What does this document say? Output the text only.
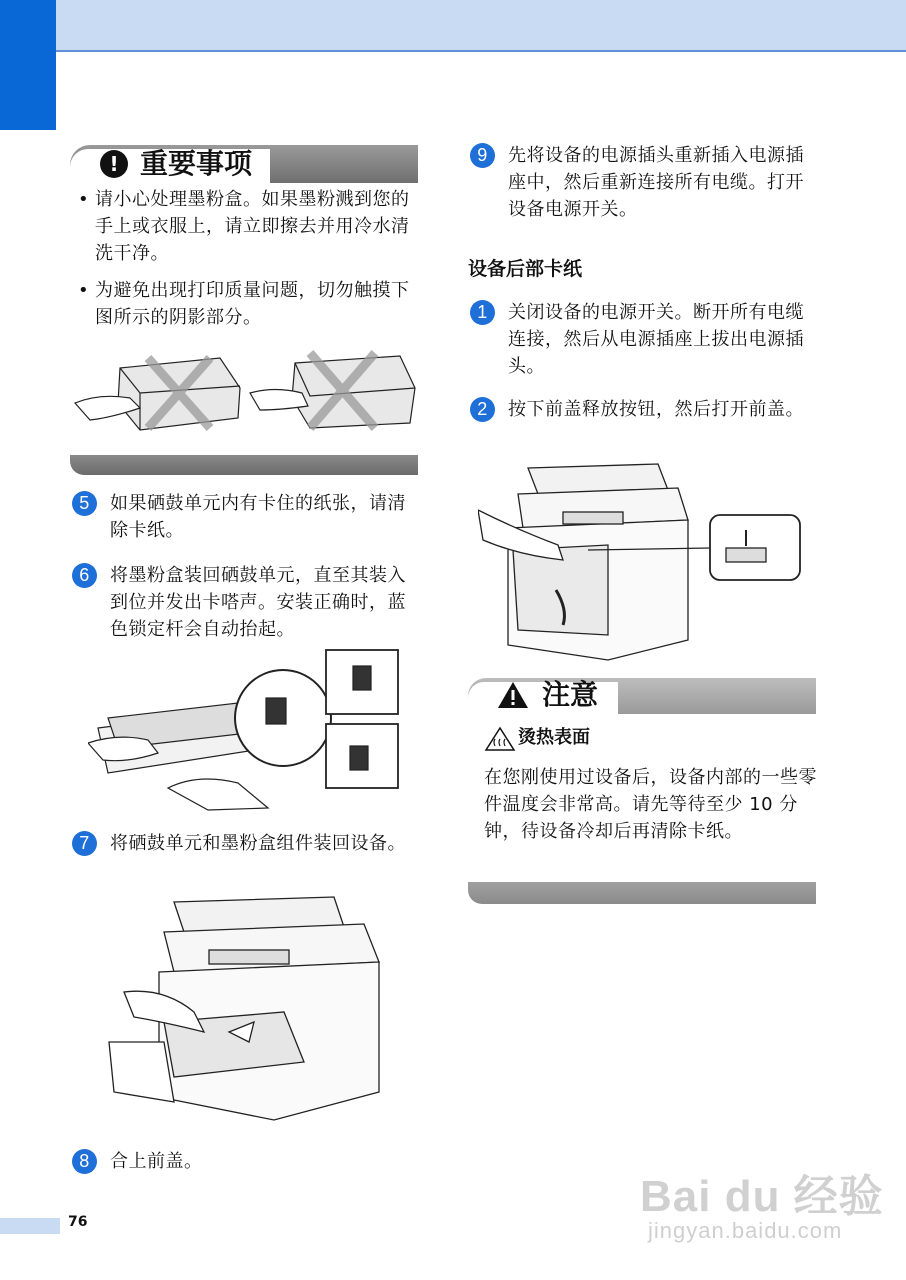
! 重要事项
• 请小心处理墨粉盒。如果墨粉溅到您的手上或衣服上，请立即擦去并用冷水清洗干净。
• 为避免出现打印质量问题，切勿触摸下图所示的阴影部分。
5	如果硒鼓单元内有卡住的纸张，请清除卡纸。
6	将墨粉盒装回硒鼓单元，直至其装入到位并发出卡嗒声。安装正确时，蓝色锁定杆会自动抬起。
7	将硒鼓单元和墨粉盒组件装回设备。
8	合上前盖。
9	先将设备的电源插头重新插入电源插座中，然后重新连接所有电缆。打开设备电源开关。
设备后部卡纸
1	关闭设备的电源开关。断开所有电缆连接，然后从电源插座上拔出电源插头。
2	按下前盖释放按钮，然后打开前盖。
注意
烫热表面
在您刚使用过设备后，设备内部的一些零件温度会非常高。请先等待至少 10 分钟，待设备冷却后再清除卡纸。
76
Bai du 经验
jingyan.baidu.com
